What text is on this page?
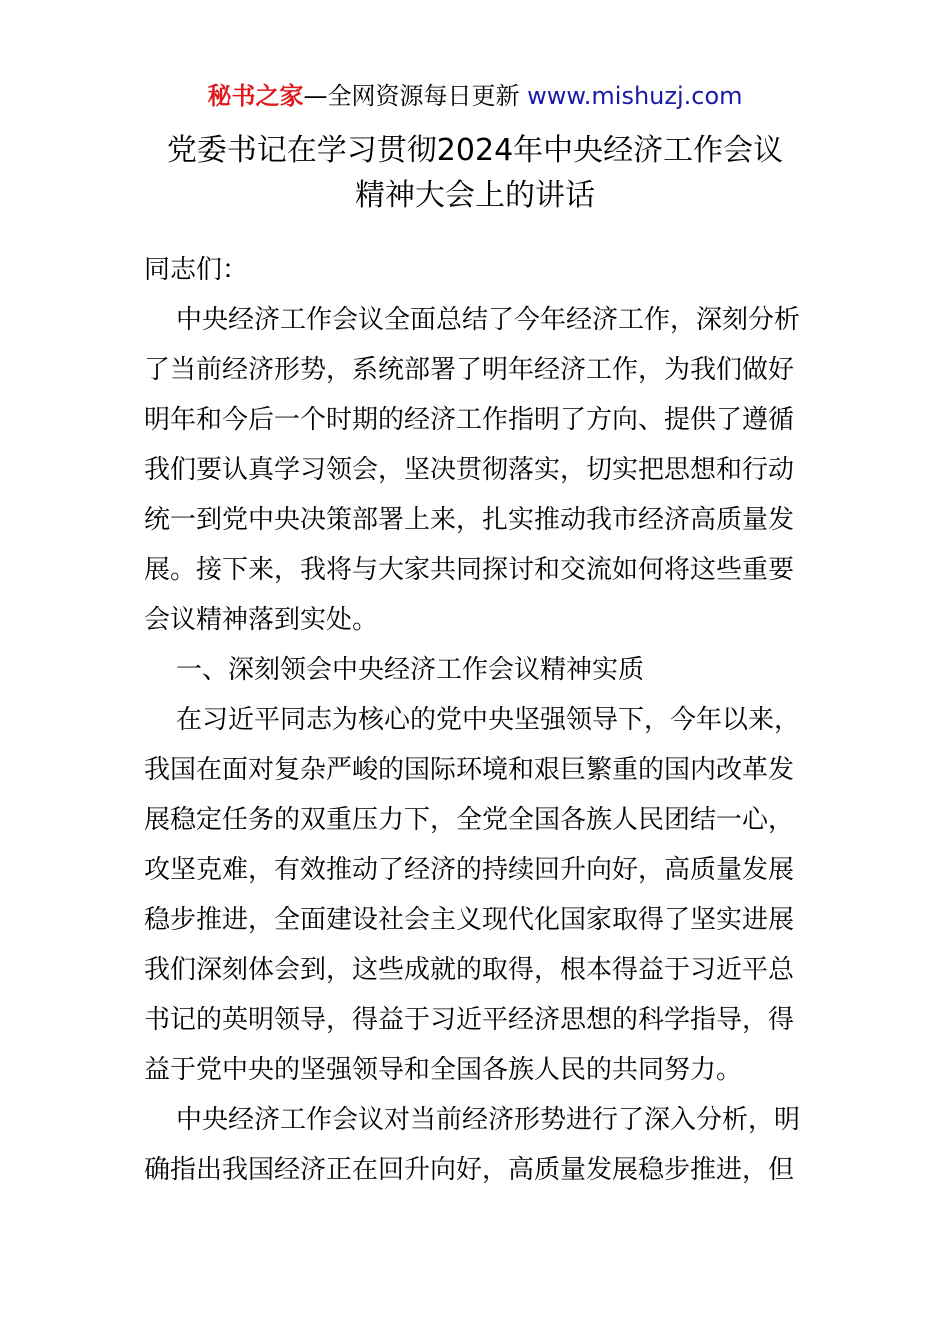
秘书之家—全网资源每日更新 www.mishuzj.com
党委书记在学习贯彻2024年中央经济工作会议
精神大会上的讲话
同志们：
中央经济工作会议全面总结了今年经济工作，深刻分析
了当前经济形势，系统部署了明年经济工作，为我们做好
明年和今后一个时期的经济工作指明了方向、提供了遵循
我们要认真学习领会，坚决贯彻落实，切实把思想和行动
统一到党中央决策部署上来，扎实推动我市经济高质量发
展。接下来，我将与大家共同探讨和交流如何将这些重要
会议精神落到实处。
一、深刻领会中央经济工作会议精神实质
在习近平同志为核心的党中央坚强领导下，今年以来，
我国在面对复杂严峻的国际环境和艰巨繁重的国内改革发
展稳定任务的双重压力下，全党全国各族人民团结一心，
攻坚克难，有效推动了经济的持续回升向好，高质量发展
稳步推进，全面建设社会主义现代化国家取得了坚实进展
我们深刻体会到，这些成就的取得，根本得益于习近平总
书记的英明领导，得益于习近平经济思想的科学指导，得
益于党中央的坚强领导和全国各族人民的共同努力。
中央经济工作会议对当前经济形势进行了深入分析，明
确指出我国经济正在回升向好，高质量发展稳步推进，但
